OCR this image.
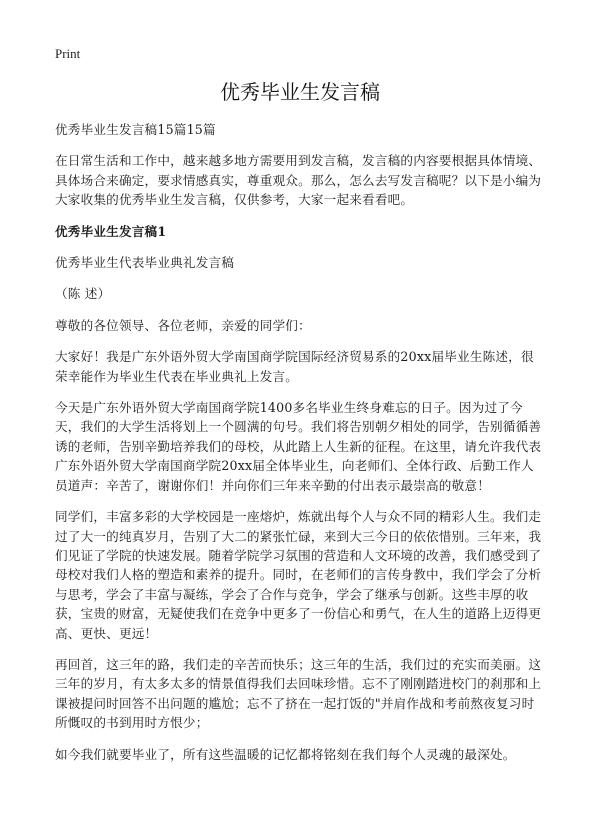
Print
优秀毕业生发言稿

优秀毕业生发言稿15篇15篇

在日常生活和工作中，越来越多地方需要用到发言稿，发言稿的内容要根据具体情境、具体场合来确定，要求情感真实，尊重观众。那么，怎么去写发言稿呢？以下是小编为大家收集的优秀毕业生发言稿，仅供参考，大家一起来看看吧。

优秀毕业生发言稿1

优秀毕业生代表毕业典礼发言稿

（陈 述）

尊敬的各位领导、各位老师，亲爱的同学们：

大家好！我是广东外语外贸大学南国商学院国际经济贸易系的20xx届毕业生陈述，很荣幸能作为毕业生代表在毕业典礼上发言。

今天是广东外语外贸大学南国商学院1400多名毕业生终身难忘的日子。因为过了今天，我们的大学生活将划上一个圆满的句号。我们将告别朝夕相处的同学，告别循循善诱的老师，告别辛勤培养我们的母校，从此踏上人生新的征程。在这里，请允许我代表广东外语外贸大学南国商学院20xx届全体毕业生，向老师们、全体行政、后勤工作人员道声：辛苦了，谢谢你们！并向你们三年来辛勤的付出表示最崇高的敬意！

同学们，丰富多彩的大学校园是一座熔炉，炼就出每个人与众不同的精彩人生。我们走过了大一的纯真岁月，告别了大二的紧张忙碌，来到大三今日的依依惜别。三年来，我们见证了学院的快速发展。随着学院学习氛围的营造和人文环境的改善，我们感受到了母校对我们人格的塑造和素养的提升。同时，在老师们的言传身教中，我们学会了分析与思考，学会了丰富与凝练，学会了合作与竞争，学会了继承与创新。这些丰厚的收获，宝贵的财富，无疑使我们在竞争中更多了一份信心和勇气，在人生的道路上迈得更高、更快、更远！

再回首，这三年的路，我们走的辛苦而快乐；这三年的生活，我们过的充实而美丽。这三年的岁月，有太多太多的情景值得我们去回味珍惜。忘不了刚刚踏进校门的刹那和上课被提问时回答不出问题的尴尬；忘不了挤在一起打饭的"并肩作战和考前熬夜复习时所慨叹的书到用时方恨少；

如今我们就要毕业了，所有这些温暖的记忆都将铭刻在我们每个人灵魂的最深处。
